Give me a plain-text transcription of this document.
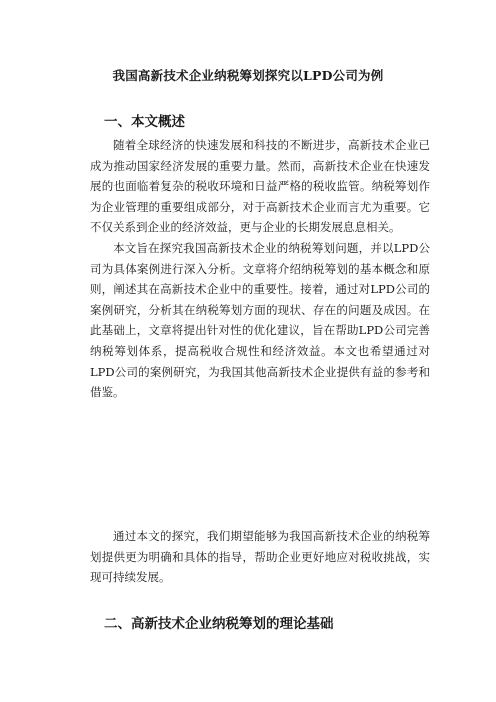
我国高新技术企业纳税筹划探究以LPD公司为例
一、本文概述

随着全球经济的快速发展和科技的不断进步，高新技术企业已成为推动国家经济发展的重要力量。然而，高新技术企业在快速发展的也面临着复杂的税收环境和日益严格的税收监管。纳税筹划作为企业管理的重要组成部分，对于高新技术企业而言尤为重要。它不仅关系到企业的经济效益，更与企业的长期发展息息相关。

本文旨在探究我国高新技术企业的纳税筹划问题，并以LPD公司为具体案例进行深入分析。文章将介绍纳税筹划的基本概念和原则，阐述其在高新技术企业中的重要性。接着，通过对LPD公司的案例研究，分析其在纳税筹划方面的现状、存在的问题及成因。在此基础上，文章将提出针对性的优化建议，旨在帮助LPD公司完善纳税筹划体系，提高税收合规性和经济效益。本文也希望通过对LPD公司的案例研究，为我国其他高新技术企业提供有益的参考和借鉴。

通过本文的探究，我们期望能够为我国高新技术企业的纳税筹划提供更为明确和具体的指导，帮助企业更好地应对税收挑战，实现可持续发展。

二、高新技术企业纳税筹划的理论基础
